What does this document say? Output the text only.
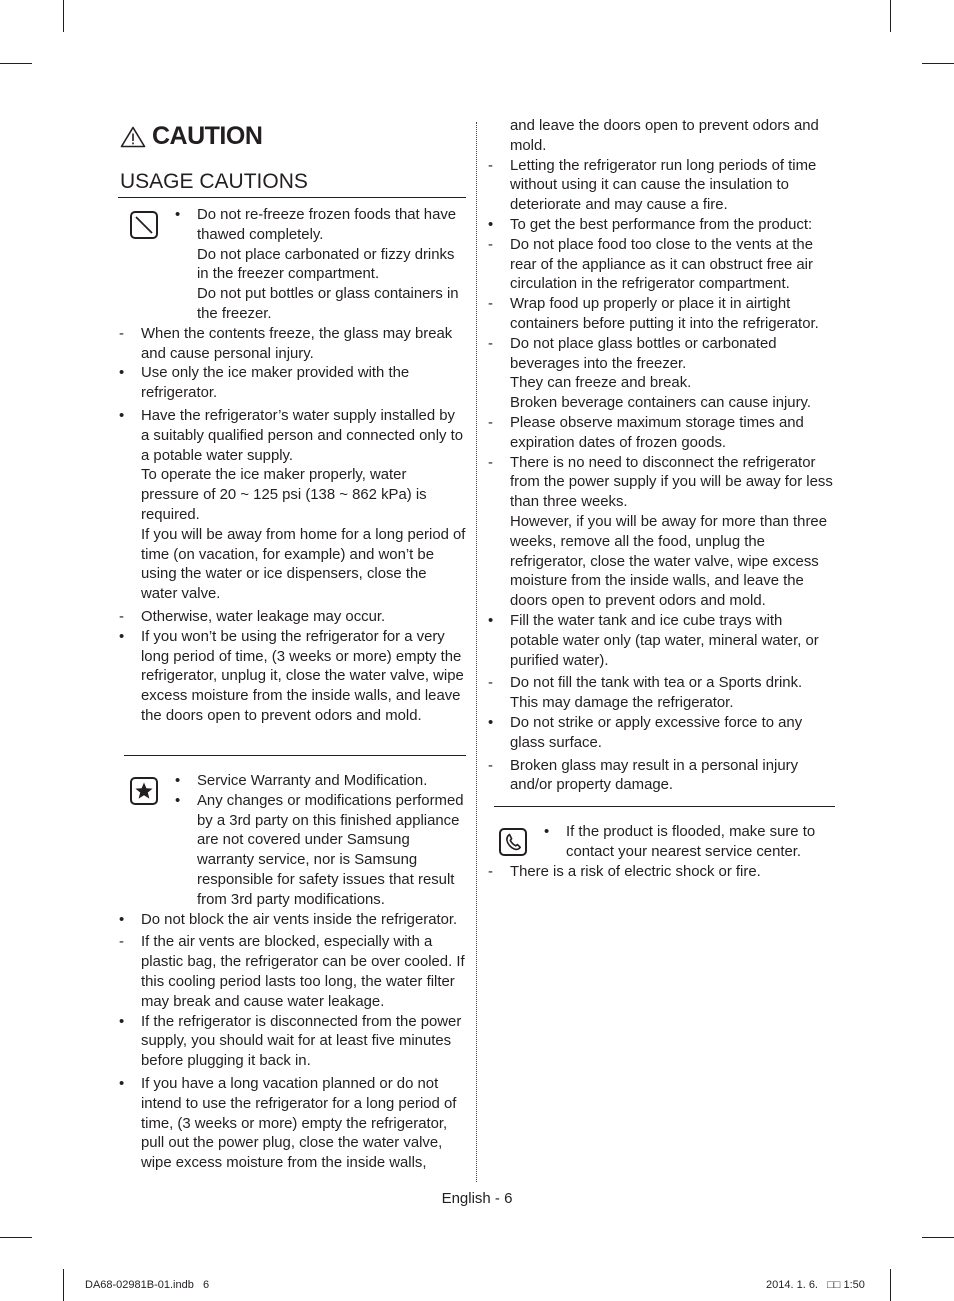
CAUTION
USAGE CAUTIONS
• Do not re-freeze frozen foods that have thawed completely.
Do not place carbonated or fizzy drinks in the freezer compartment.
Do not put bottles or glass containers in the freezer.
- When the contents freeze, the glass may break and cause personal injury.
• Use only the ice maker provided with the refrigerator.
• Have the refrigerator’s water supply installed by a suitably qualified person and connected only to a potable water supply.
To operate the ice maker properly, water pressure of 20 ~ 125 psi (138 ~ 862 kPa) is required.
If you will be away from home for a long period of time (on vacation, for example) and won’t be using the water or ice dispensers, close the water valve.
- Otherwise, water leakage may occur.
• If you won’t be using the refrigerator for a very long period of time, (3 weeks or more) empty the refrigerator, unplug it, close the water valve, wipe excess moisture from the inside walls, and leave the doors open to prevent odors and mold.
• Service Warranty and Modification.
• Any changes or modifications performed by a 3rd party on this finished appliance are not covered under Samsung warranty service, nor is Samsung responsible for safety issues that result from 3rd party modifications.
• Do not block the air vents inside the refrigerator.
- If the air vents are blocked, especially with a plastic bag, the refrigerator can be over cooled. If this cooling period lasts too long, the water filter may break and cause water leakage.
• If the refrigerator is disconnected from the power supply, you should wait for at least five minutes before plugging it back in.
• If you have a long vacation planned or do not intend to use the refrigerator for a long period of time, (3 weeks or more) empty the refrigerator, pull out the power plug, close the water valve, wipe excess moisture from the inside walls,
and leave the doors open to prevent odors and mold.
- Letting the refrigerator run long periods of time without using it can cause the insulation to deteriorate and may cause a fire.
• To get the best performance from the product:
- Do not place food too close to the vents at the rear of the appliance as it can obstruct free air circulation in the refrigerator compartment.
- Wrap food up properly or place it in airtight containers before putting it into the refrigerator.
- Do not place glass bottles or carbonated beverages into the freezer.
They can freeze and break.
Broken beverage containers can cause injury.
- Please observe maximum storage times and expiration dates of frozen goods.
- There is no need to disconnect the refrigerator from the power supply if you will be away for less than three weeks.
However, if you will be away for more than three weeks, remove all the food, unplug the refrigerator, close the water valve, wipe excess moisture from the inside walls, and leave the doors open to prevent odors and mold.
• Fill the water tank and ice cube trays with potable water only (tap water, mineral water, or purified water).
- Do not fill the tank with tea or a Sports drink. This may damage the refrigerator.
• Do not strike or apply excessive force to any glass surface.
- Broken glass may result in a personal injury and/or property damage.
• If the product is flooded, make sure to contact your nearest service center.
- There is a risk of electric shock or fire.
English - 6
DA68-02981B-01.indb   6	2014. 1. 6.   □□ 1:50
